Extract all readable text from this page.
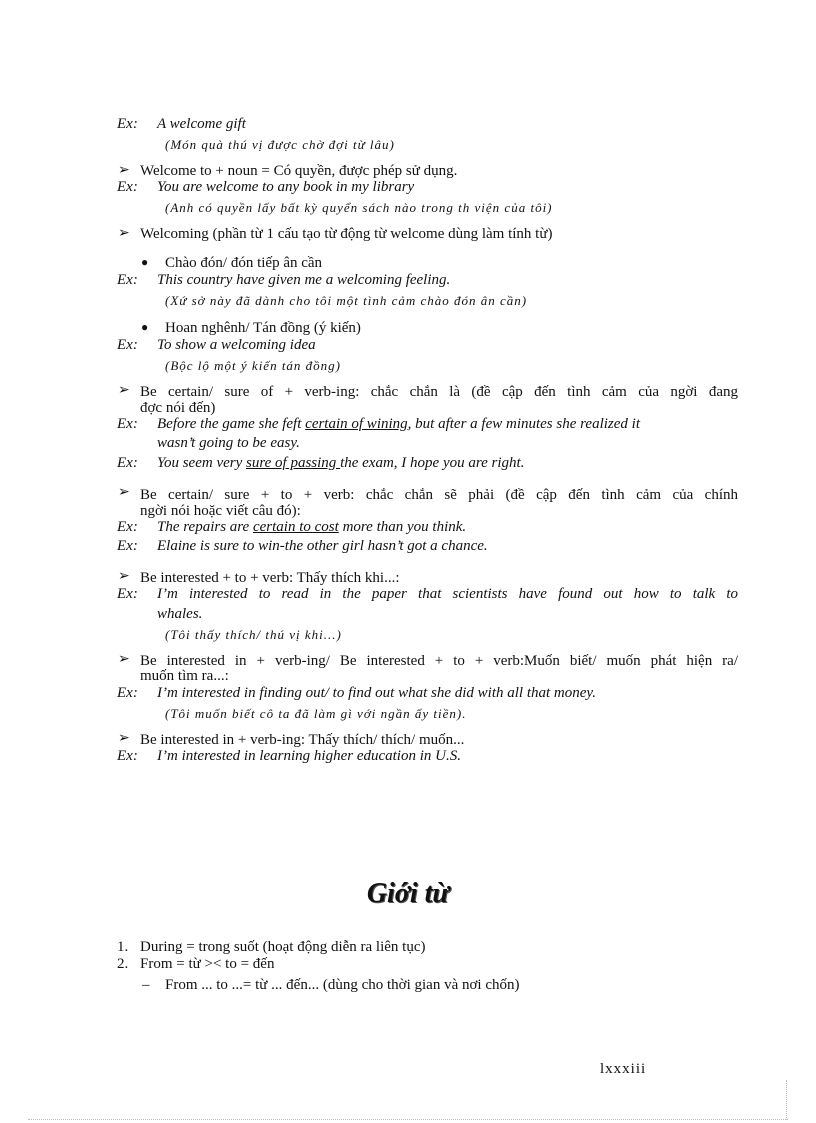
Ex: A welcome gift
(Món quà thú vị được chờ đợi từ lâu)
➢ Welcome to + noun = Có quyền, được phép sử dụng.
Ex: You are welcome to any book in my library
(Anh có quyền lấy bất kỳ quyển sách nào trong th viện của tôi)
➢ Welcoming (phần từ 1 cấu tạo từ động từ welcome dùng làm tính từ)
● Chào đón/ đón tiếp ân cần
Ex: This country have given me a welcoming feeling.
(Xứ sở này đã dành cho tôi một tình cảm chào đón ân cần)
● Hoan nghênh/ Tán đồng (ý kiến)
Ex: To show a welcoming idea
(Bộc lộ một ý kiến tán đồng)
➢ Be certain/ sure of + verb-ing: chắc chắn là (đề cập đến tình cảm của ngời đang
đợc nói đến)
Ex: Before the game she feft certain of wining, but after a few minutes she realized it
wasn’t going to be easy.
Ex: You seem very sure of passing the exam, I hope you are right.
➢ Be certain/ sure + to + verb: chắc chắn sẽ phải (đề cập đến tình cảm của chính
ngời nói hoặc viết câu đó):
Ex: The repairs are certain to cost more than you think.
Ex: Elaine is sure to win-the other girl hasn’t got a chance.
➢ Be interested + to + verb: Thấy thích khi...:
Ex: I’m interested to read in the paper that scientists have found out how to talk to
whales.
(Tôi thấy thích/ thú vị khi...)
➢ Be interested in + verb-ing/ Be interested + to + verb:Muốn biết/ muốn phát hiện ra/
muốn tìm ra...:
Ex: I’m interested in finding out/ to find out what she did with all that money.
(Tôi muốn biết cô ta đã làm gì với ngần ấy tiền).
➢ Be interested in + verb-ing: Thấy thích/ thích/ muốn...
Ex: I’m interested in learning higher education in U.S.
Giới từ
1. During = trong suốt (hoạt động diễn ra liên tục)
2. From = từ >< to = đến
– From ... to ...= từ ... đến... (dùng cho thời gian và nơi chốn)
lxxxiii
